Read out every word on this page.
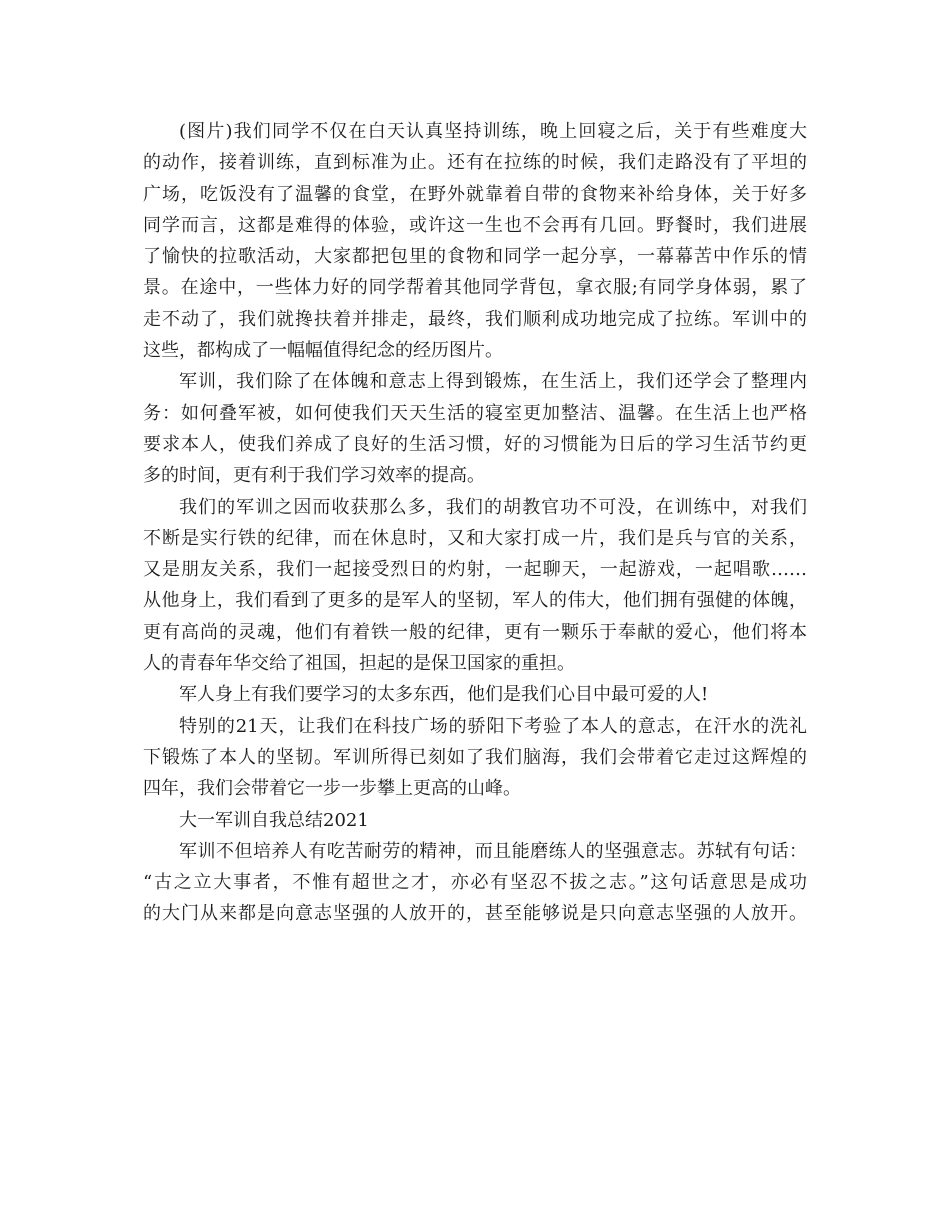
(图片)我们同学不仅在白天认真坚持训练，晚上回寝之后，关于有些难度大
的动作，接着训练，直到标准为止。还有在拉练的时候，我们走路没有了平坦的
广场，吃饭没有了温馨的食堂，在野外就靠着自带的食物来补给身体，关于好多
同学而言，这都是难得的体验，或许这一生也不会再有几回。野餐时，我们进展
了愉快的拉歌活动，大家都把包里的食物和同学一起分享，一幕幕苦中作乐的情
景。在途中，一些体力好的同学帮着其他同学背包，拿衣服;有同学身体弱，累了
走不动了，我们就搀扶着并排走，最终，我们顺利成功地完成了拉练。军训中的
这些，都构成了一幅幅值得纪念的经历图片。
军训，我们除了在体魄和意志上得到锻炼，在生活上，我们还学会了整理内
务：如何叠军被，如何使我们天天生活的寝室更加整洁、温馨。在生活上也严格
要求本人，使我们养成了良好的生活习惯，好的习惯能为日后的学习生活节约更
多的时间，更有利于我们学习效率的提高。
我们的军训之因而收获那么多，我们的胡教官功不可没，在训练中，对我们
不断是实行铁的纪律，而在休息时，又和大家打成一片，我们是兵与官的关系，
又是朋友关系，我们一起接受烈日的灼射，一起聊天，一起游戏，一起唱歌……
从他身上，我们看到了更多的是军人的坚韧，军人的伟大，他们拥有强健的体魄，
更有高尚的灵魂，他们有着铁一般的纪律，更有一颗乐于奉献的爱心，他们将本
人的青春年华交给了祖国，担起的是保卫国家的重担。
军人身上有我们要学习的太多东西，他们是我们心目中最可爱的人!
特别的21天，让我们在科技广场的骄阳下考验了本人的意志，在汗水的洗礼
下锻炼了本人的坚韧。军训所得已刻如了我们脑海，我们会带着它走过这辉煌的
四年，我们会带着它一步一步攀上更高的山峰。
大一军训自我总结2021
军训不但培养人有吃苦耐劳的精神，而且能磨练人的坚强意志。苏轼有句话：
“古之立大事者，不惟有超世之才，亦必有坚忍不拔之志。”这句话意思是成功
的大门从来都是向意志坚强的人放开的，甚至能够说是只向意志坚强的人放开。
